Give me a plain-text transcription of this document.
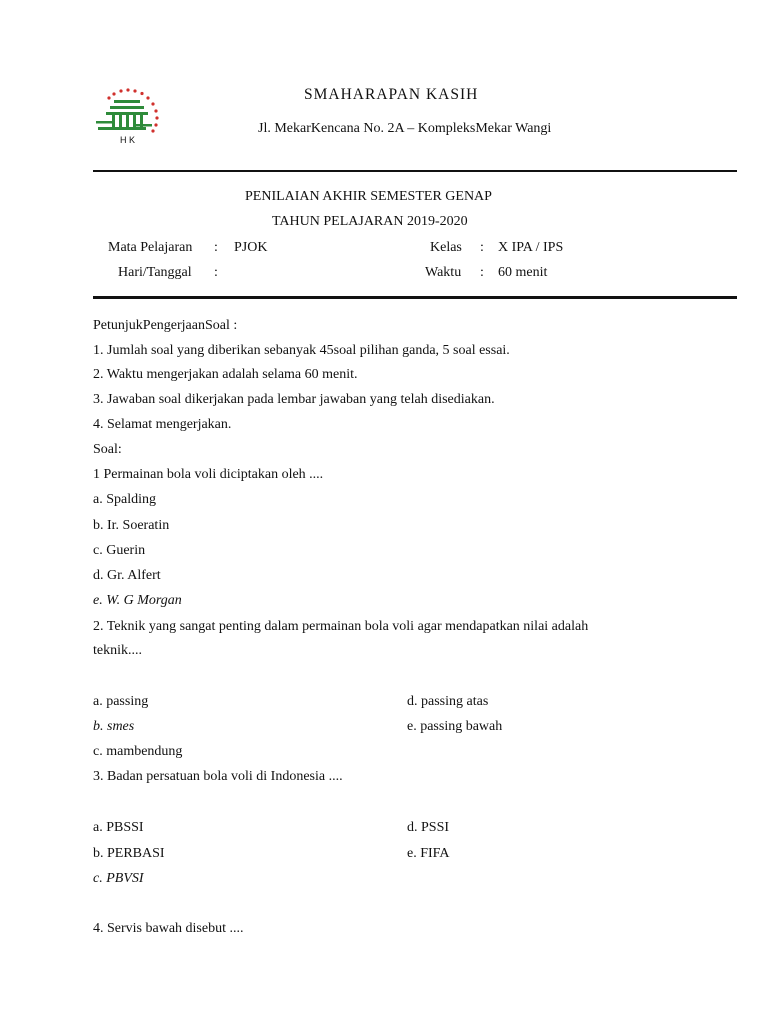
H K
SMAHARAPAN KASIH
Jl. MekarKencana No. 2A – KompleksMekar Wangi
PENILAIAN AKHIR SEMESTER GENAP
TAHUN PELAJARAN 2019-2020
Mata Pelajaran : PJOK	Kelas : X IPA / IPS
Hari/Tanggal :	Waktu : 60 menit
PetunjukPengerjaanSoal :
1. Jumlah soal yang diberikan sebanyak 45soal pilihan ganda, 5 soal essai.
2. Waktu mengerjakan adalah selama 60 menit.
3. Jawaban soal dikerjakan pada lembar jawaban yang telah disediakan.
4. Selamat mengerjakan.
Soal:
1 Permainan bola voli diciptakan oleh ....
a. Spalding
b. Ir. Soeratin
c. Guerin
d. Gr. Alfert
e. W. G Morgan
2. Teknik yang sangat penting dalam permainan bola voli agar mendapatkan nilai adalah
teknik....
a. passing
b. smes
c. mambendung
d. passing atas
e. passing bawah
3. Badan persatuan bola voli di Indonesia ....
a. PBSSI
b. PERBASI
c. PBVSI
d. PSSI
e. FIFA
4. Servis bawah disebut ....
